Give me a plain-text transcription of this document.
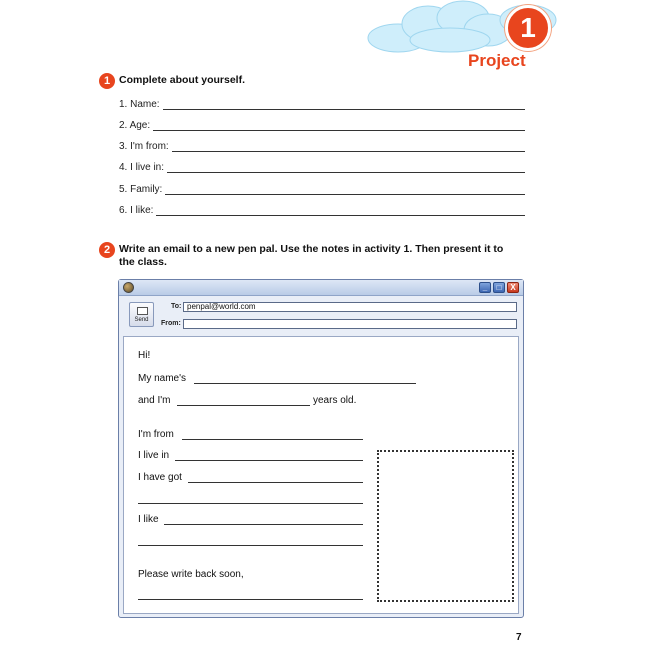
1
Project
1 Complete about yourself.
1. Name:
2. Age:
3. I'm from:
4. I live in:
5. Family:
6. I like:
2 Write an email to a new pen pal. Use the notes in activity 1. Then present it to
the class.
_	□	X
Send
To: penpal@world.com
From:
Hi!
My name's
and I'm	years old.
I'm from
I live in
I have got
I like
Please write back soon,
7
